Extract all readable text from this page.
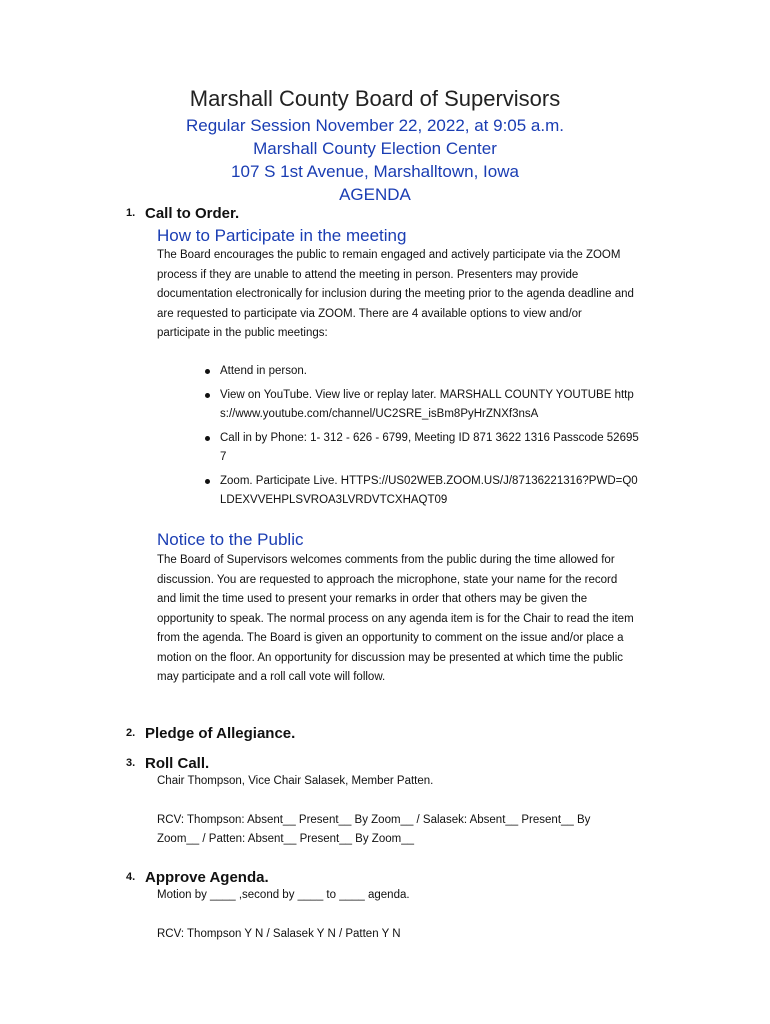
Marshall County Board of Supervisors

Regular Session November 22, 2022, at 9:05 a.m.

Marshall County Election Center

107 S 1st Avenue, Marshalltown, Iowa

AGENDA

1. Call to Order.
How to Participate in the meeting

The Board encourages the public to remain engaged and actively participate via the ZOOM process if they are unable to attend the meeting in person. Presenters may provide documentation electronically for inclusion during the meeting prior to the agenda deadline and are requested to participate via ZOOM. There are 4 available options to view and/or participate in the public meetings:

Attend in person.
View on YouTube. View live or replay later. MARSHALL COUNTY YOUTUBE https://www.youtube.com/channel/UC2SRE_isBm8PyHrZNXf3nsA
Call in by Phone: 1- 312 - 626 - 6799, Meeting ID 871 3622 1316 Passcode 526957
Zoom. Participate Live. HTTPS://US02WEB.ZOOM.US/J/87136221316?PWD=Q0LDEXVVEHPLSVROA3LVRDVTCXHAQT09
Notice to the Public

The Board of Supervisors welcomes comments from the public during the time allowed for discussion. You are requested to approach the microphone, state your name for the record and limit the time used to present your remarks in order that others may be given the opportunity to speak. The normal process on any agenda item is for the Chair to read the item from the agenda. The Board is given an opportunity to comment on the issue and/or place a motion on the floor. An opportunity for discussion may be presented at which time the public may participate and a roll call vote will follow.

2. Pledge of Allegiance.
3. Roll Call.
Chair Thompson, Vice Chair Salasek, Member Patten.
RCV: Thompson: Absent__ Present__ By Zoom__ / Salasek: Absent__ Present__ By
Zoom__ / Patten: Absent__ Present__ By Zoom__
4. Approve Agenda.
Motion by ____ ,second by ____ to ____ agenda.
RCV: Thompson Y N / Salasek Y N / Patten Y N
